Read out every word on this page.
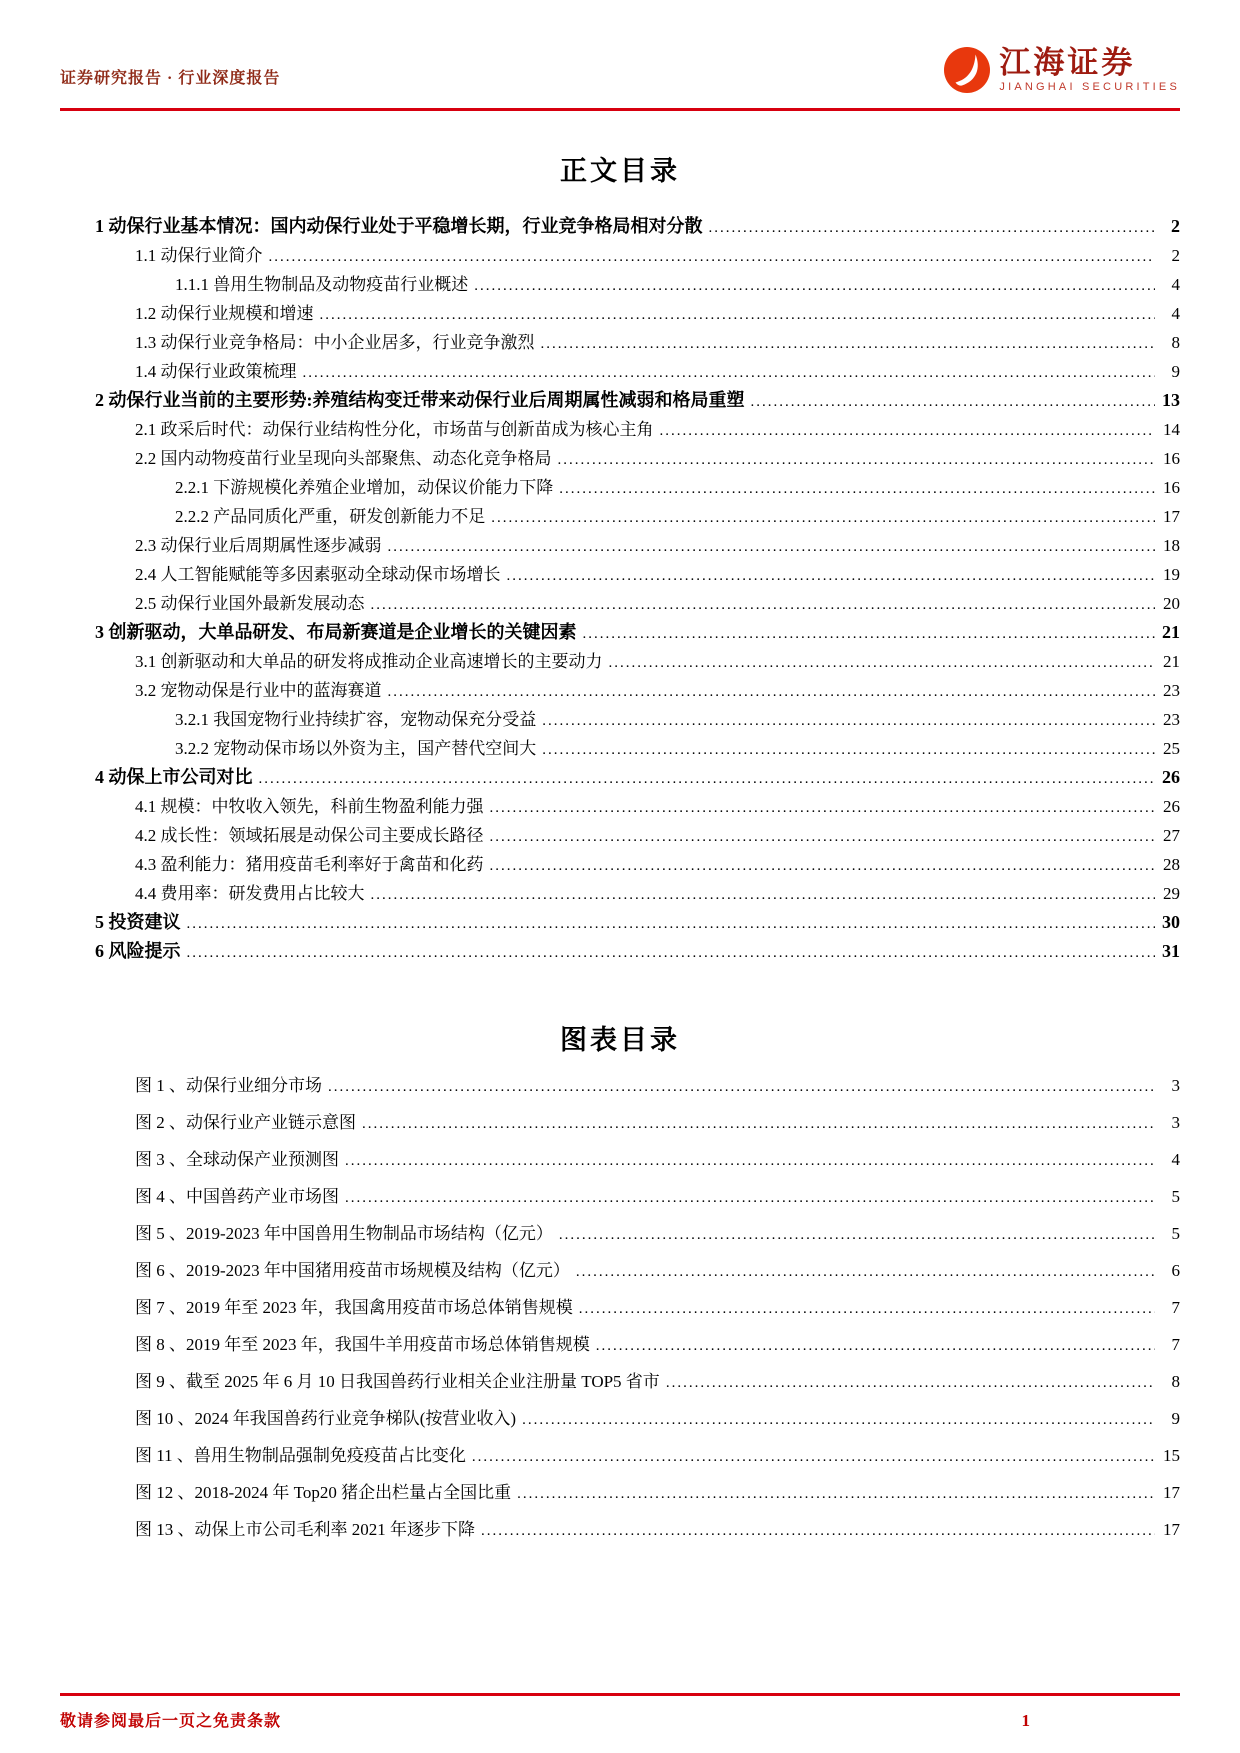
证券研究报告 · 行业深度报告	江海证券
JIANGHAI SECURITIES
正文目录
1 动保行业基本情况：国内动保行业处于平稳增长期，行业竞争格局相对分散 .....	2
1.1 动保行业简介 .....	2
1.1.1 兽用生物制品及动物疫苗行业概述 .....	4
1.2 动保行业规模和增速 .....	4
1.3 动保行业竞争格局：中小企业居多，行业竞争激烈 .....	8
1.4 动保行业政策梳理 .....	9
2 动保行业当前的主要形势:养殖结构变迁带来动保行业后周期属性减弱和格局重塑 .....	13
2.1 政采后时代：动保行业结构性分化，市场苗与创新苗成为核心主角 .....	14
2.2 国内动物疫苗行业呈现向头部聚焦、动态化竞争格局 .....	16
2.2.1 下游规模化养殖企业增加，动保议价能力下降 .....	16
2.2.2 产品同质化严重，研发创新能力不足 .....	17
2.3 动保行业后周期属性逐步减弱 .....	18
2.4 人工智能赋能等多因素驱动全球动保市场增长 .....	19
2.5 动保行业国外最新发展动态 .....	20
3 创新驱动，大单品研发、布局新赛道是企业增长的关键因素 .....	21
3.1 创新驱动和大单品的研发将成推动企业高速增长的主要动力 .....	21
3.2 宠物动保是行业中的蓝海赛道 .....	23
3.2.1 我国宠物行业持续扩容，宠物动保充分受益 .....	23
3.2.2 宠物动保市场以外资为主，国产替代空间大 .....	25
4 动保上市公司对比 .....	26
4.1 规模：中牧收入领先，科前生物盈利能力强 .....	26
4.2 成长性：领域拓展是动保公司主要成长路径 .....	27
4.3 盈利能力：猪用疫苗毛利率好于禽苗和化药 .....	28
4.4 费用率：研发费用占比较大 .....	29
5 投资建议 .....	30
6 风险提示 .....	31
图表目录
图 1 、动保行业细分市场 .....	3
图 2 、动保行业产业链示意图 .....	3
图 3 、全球动保产业预测图 .....	4
图 4 、中国兽药产业市场图 .....	5
图 5 、2019-2023 年中国兽用生物制品市场结构（亿元） .....	5
图 6 、2019-2023 年中国猪用疫苗市场规模及结构（亿元） .....	6
图 7 、2019 年至 2023 年，我国禽用疫苗市场总体销售规模 .....	7
图 8 、2019 年至 2023 年，我国牛羊用疫苗市场总体销售规模 .....	7
图 9 、截至 2025 年 6 月 10 日我国兽药行业相关企业注册量 TOP5 省市 .....	8
图 10 、2024 年我国兽药行业竞争梯队(按营业收入) .....	9
图 11 、兽用生物制品强制免疫疫苗占比变化 .....	15
图 12 、2018-2024 年 Top20 猪企出栏量占全国比重 .....	17
图 13 、动保上市公司毛利率 2021 年逐步下降 .....	17
敬请参阅最后一页之免责条款	1
